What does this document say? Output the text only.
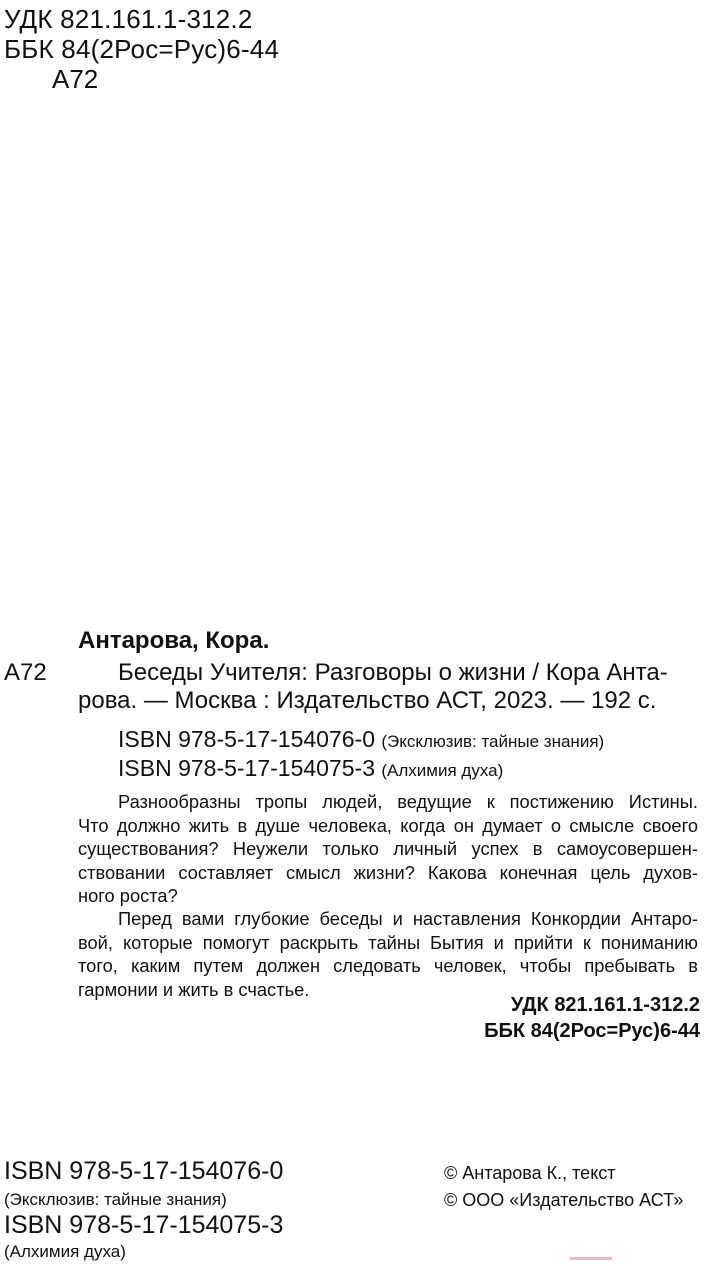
УДК 821.161.1-312.2
ББК 84(2Рос=Рус)6-44
А72
Антарова, Кора.
А72	Беседы Учителя: Разговоры о жизни / Кора Анта-
рова. — Москва : Издательство АСТ, 2023. — 192 с.
ISBN 978-5-17-154076-0 (Эксклюзив: тайные знания)
ISBN 978-5-17-154075-3 (Алхимия духа)
Разнообразны тропы людей, ведущие к постижению Истины.
Что должно жить в душе человека, когда он думает о смысле своего
существования? Неужели только личный успех в самоусовершен-
ствовании составляет смысл жизни? Какова конечная цель духов-
ного роста?
Перед вами глубокие беседы и наставления Конкордии Антаро-
вой, которые помогут раскрыть тайны Бытия и прийти к пониманию
того, каким путем должен следовать человек, чтобы пребывать в
гармонии и жить в счастье.
УДК 821.161.1-312.2
ББК 84(2Рос=Рус)6-44
ISBN 978-5-17-154076-0
(Эксклюзив: тайные знания)
ISBN 978-5-17-154075-3
(Алхимия духа)
© Антарова К., текст
© ООО «Издательство АСТ»
